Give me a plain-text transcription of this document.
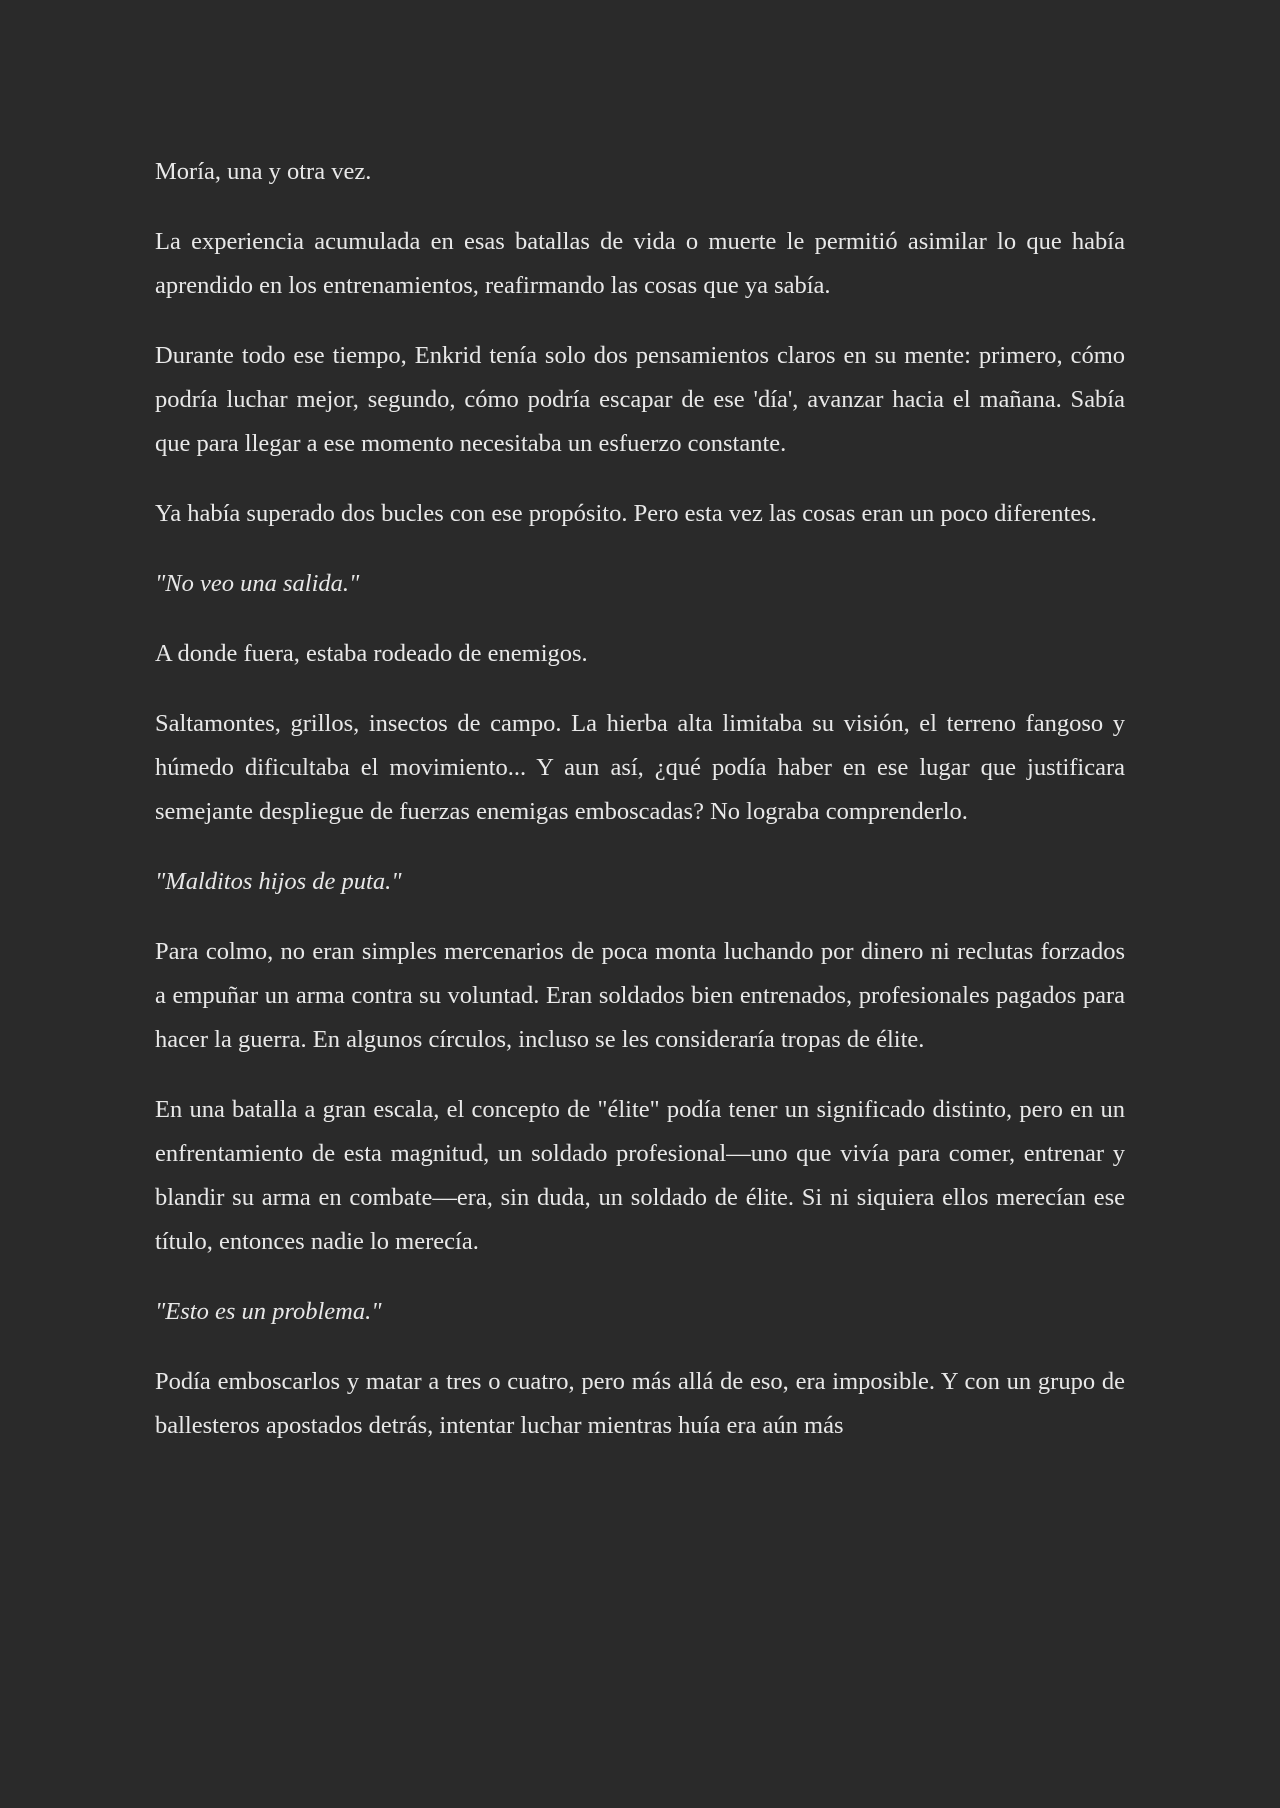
Moría, una y otra vez.

La experiencia acumulada en esas batallas de vida o muerte le permitió asimilar lo que había aprendido en los entrenamientos, reafirmando las cosas que ya sabía.

Durante todo ese tiempo, Enkrid tenía solo dos pensamientos claros en su mente: primero, cómo podría luchar mejor, segundo, cómo podría escapar de ese 'día', avanzar hacia el mañana. Sabía que para llegar a ese momento necesitaba un esfuerzo constante.

Ya había superado dos bucles con ese propósito. Pero esta vez las cosas eran un poco diferentes.

"No veo una salida."

A donde fuera, estaba rodeado de enemigos.

Saltamontes, grillos, insectos de campo. La hierba alta limitaba su visión, el terreno fangoso y húmedo dificultaba el movimiento... Y aun así, ¿qué podía haber en ese lugar que justificara semejante despliegue de fuerzas enemigas emboscadas? No lograba comprenderlo.

"Malditos hijos de puta."

Para colmo, no eran simples mercenarios de poca monta luchando por dinero ni reclutas forzados a empuñar un arma contra su voluntad. Eran soldados bien entrenados, profesionales pagados para hacer la guerra. En algunos círculos, incluso se les consideraría tropas de élite.

En una batalla a gran escala, el concepto de "élite" podía tener un significado distinto, pero en un enfrentamiento de esta magnitud, un soldado profesional—uno que vivía para comer, entrenar y blandir su arma en combate—era, sin duda, un soldado de élite. Si ni siquiera ellos merecían ese título, entonces nadie lo merecía.

"Esto es un problema."

Podía emboscarlos y matar a tres o cuatro, pero más allá de eso, era imposible. Y con un grupo de ballesteros apostados detrás, intentar luchar mientras huía era aún más
